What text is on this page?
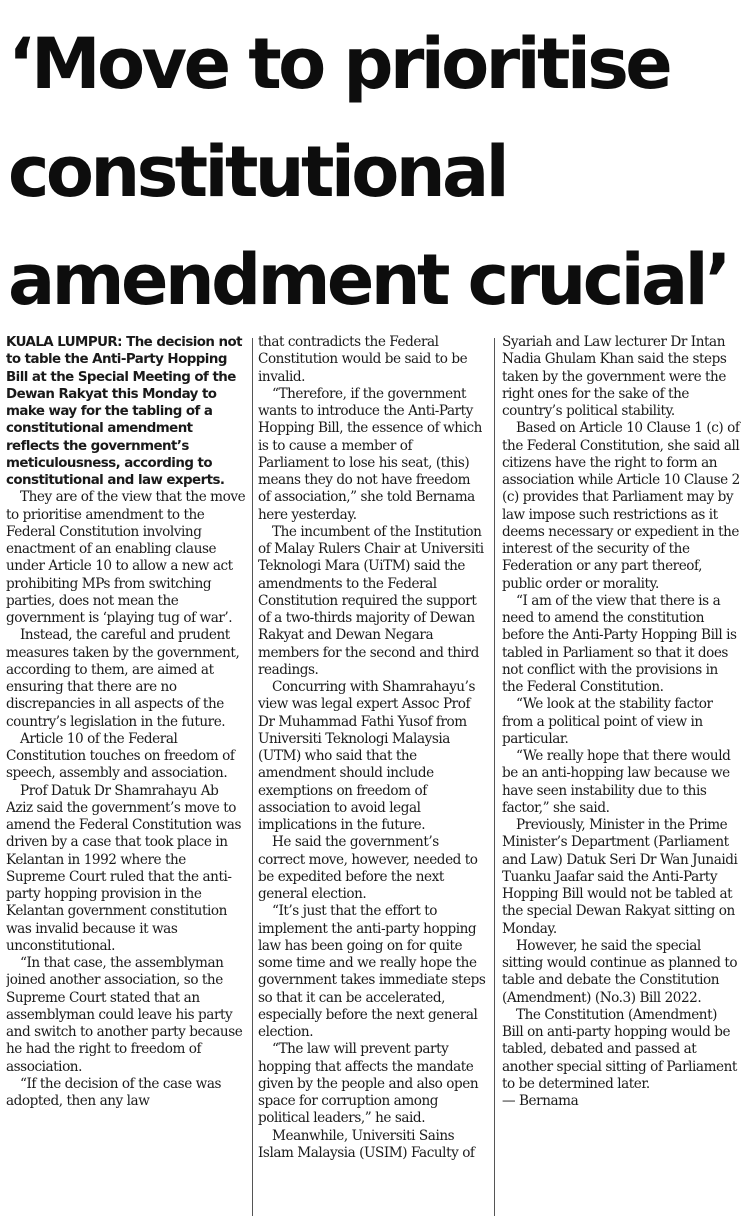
‘Move to prioritise
constitutional
amendment crucial’

KUALA LUMPUR: The decision not to table the Anti-Party Hopping Bill at the Special Meeting of the Dewan Rakyat this Monday to make way for the tabling of a constitutional amendment reflects the government’s meticulousness, according to constitutional and law experts.

They are of the view that the move to prioritise amendment to the Federal Constitution involving enactment of an enabling clause under Article 10 to allow a new act prohibiting MPs from switching parties, does not mean the government is ‘playing tug of war’.

Instead, the careful and prudent measures taken by the government, according to them, are aimed at ensuring that there are no discrepancies in all aspects of the country’s legislation in the future.

Article 10 of the Federal Constitution touches on freedom of speech, assembly and association.

Prof Datuk Dr Shamrahayu Ab Aziz said the government’s move to amend the Federal Constitution was driven by a case that took place in Kelantan in 1992 where the Supreme Court ruled that the anti-party hopping provision in the Kelantan government constitution was invalid because it was unconstitutional.

“In that case, the assemblyman joined another association, so the Supreme Court stated that an assemblyman could leave his party and switch to another party because he had the right to freedom of association.

“If the decision of the case was adopted, then any law

that contradicts the Federal Constitution would be said to be invalid.

“Therefore, if the government wants to introduce the Anti-Party Hopping Bill, the essence of which is to cause a member of Parliament to lose his seat, (this) means they do not have freedom of association,” she told Bernama here yesterday.

The incumbent of the Institution of Malay Rulers Chair at Universiti Teknologi Mara (UiTM) said the amendments to the Federal Constitution required the support of a two-thirds majority of Dewan Rakyat and Dewan Negara members for the second and third readings.

Concurring with Shamrahayu’s view was legal expert Assoc Prof Dr Muhammad Fathi Yusof from Universiti Teknologi Malaysia (UTM) who said that the amendment should include exemptions on freedom of association to avoid legal implications in the future.

He said the government’s correct move, however, needed to be expedited before the next general election.

“It’s just that the effort to implement the anti-party hopping law has been going on for quite some time and we really hope the government takes immediate steps so that it can be accelerated, especially before the next general election.

“The law will prevent party hopping that affects the mandate given by the people and also open space for corruption among political leaders,” he said.

Meanwhile, Universiti Sains Islam Malaysia (USIM) Faculty of

Syariah and Law lecturer Dr Intan Nadia Ghulam Khan said the steps taken by the government were the right ones for the sake of the country’s political stability.

Based on Article 10 Clause 1 (c) of the Federal Constitution, she said all citizens have the right to form an association while Article 10 Clause 2 (c) provides that Parliament may by law impose such restrictions as it deems necessary or expedient in the interest of the security of the Federation or any part thereof, public order or morality.

“I am of the view that there is a need to amend the constitution before the Anti-Party Hopping Bill is tabled in Parliament so that it does not conflict with the provisions in the Federal Constitution.

“We look at the stability factor from a political point of view in particular.

“We really hope that there would be an anti-hopping law because we have seen instability due to this factor,” she said.

Previously, Minister in the Prime Minister’s Department (Parliament and Law) Datuk Seri Dr Wan Junaidi Tuanku Jaafar said the Anti-Party Hopping Bill would not be tabled at the special Dewan Rakyat sitting on Monday.

However, he said the special sitting would continue as planned to table and debate the Constitution (Amendment) (No.3) Bill 2022.

The Constitution (Amendment) Bill on anti-party hopping would be tabled, debated and passed at another special sitting of Parliament to be determined later.

— Bernama
